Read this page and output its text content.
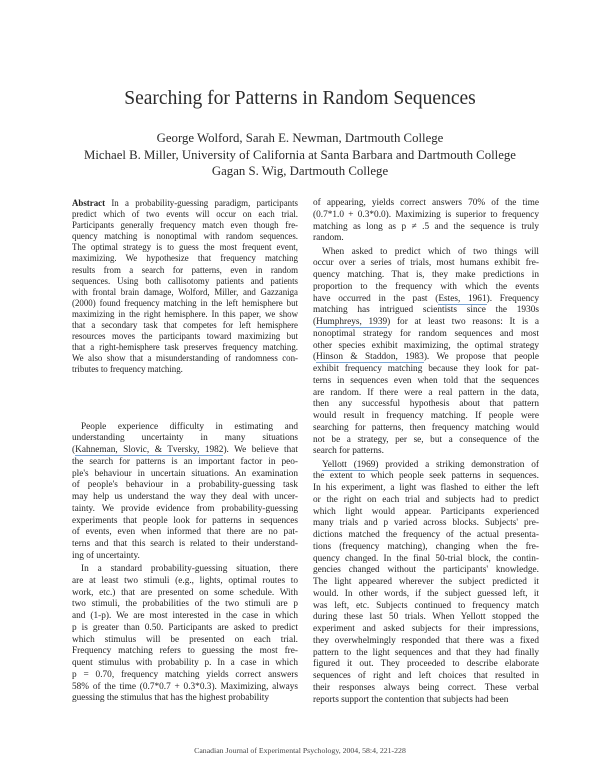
Searching for Patterns in Random Sequences
George Wolford, Sarah E. Newman, Dartmouth College
Michael B. Miller, University of California at Santa Barbara and Dartmouth College
Gagan S. Wig, Dartmouth College
Abstract In a probability-guessing paradigm, participants
predict which of two events will occur on each trial.
Participants generally frequency match even though fre-
quency matching is nonoptimal with random sequences.
The optimal strategy is to guess the most frequent event,
maximizing. We hypothesize that frequency matching
results from a search for patterns, even in random
sequences. Using both callisotomy patients and patients
with frontal brain damage, Wolford, Miller, and Gazzaniga
(2000) found frequency matching in the left hemisphere but
maximizing in the right hemisphere. In this paper, we show
that a secondary task that competes for left hemisphere
resources moves the participants toward maximizing but
that a right-hemisphere task preserves frequency matching.
We also show that a misunderstanding of randomness con-
tributes to frequency matching.
People experience difficulty in estimating and
understanding uncertainty in many situations
(Kahneman, Slovic, & Tversky, 1982). We believe that
the search for patterns is an important factor in peo-
ple's behaviour in uncertain situations. An examination
of people's behaviour in a probability-guessing task
may help us understand the way they deal with uncer-
tainty. We provide evidence from probability-guessing
experiments that people look for patterns in sequences
of events, even when informed that there are no pat-
terns and that this search is related to their understand-
ing of uncertainty.
In a standard probability-guessing situation, there
are at least two stimuli (e.g., lights, optimal routes to
work, etc.) that are presented on some schedule. With
two stimuli, the probabilities of the two stimuli are p
and (1-p). We are most interested in the case in which
p is greater than 0.50. Participants are asked to predict
which stimulus will be presented on each trial.
Frequency matching refers to guessing the most fre-
quent stimulus with probability p. In a case in which
p = 0.70, frequency matching yields correct answers
58% of the time (0.7*0.7 + 0.3*0.3). Maximizing, always
guessing the stimulus that has the highest probability
of appearing, yields correct answers 70% of the time
(0.7*1.0 + 0.3*0.0). Maximizing is superior to frequency
matching as long as p ≠ .5 and the sequence is truly
random.
When asked to predict which of two things will
occur over a series of trials, most humans exhibit fre-
quency matching. That is, they make predictions in
proportion to the frequency with which the events
have occurred in the past (Estes, 1961). Frequency
matching has intrigued scientists since the 1930s
(Humphreys, 1939) for at least two reasons: It is a
nonoptimal strategy for random sequences and most
other species exhibit maximizing, the optimal strategy
(Hinson & Staddon, 1983). We propose that people
exhibit frequency matching because they look for pat-
terns in sequences even when told that the sequences
are random. If there were a real pattern in the data,
then any successful hypothesis about that pattern
would result in frequency matching. If people were
searching for patterns, then frequency matching would
not be a strategy, per se, but a consequence of the
search for patterns.
Yellott (1969) provided a striking demonstration of
the extent to which people seek patterns in sequences.
In his experiment, a light was flashed to either the left
or the right on each trial and subjects had to predict
which light would appear. Participants experienced
many trials and p varied across blocks. Subjects' pre-
dictions matched the frequency of the actual presenta-
tions (frequency matching), changing when the fre-
quency changed. In the final 50-trial block, the contin-
gencies changed without the participants' knowledge.
The light appeared wherever the subject predicted it
would. In other words, if the subject guessed left, it
was left, etc. Subjects continued to frequency match
during these last 50 trials. When Yellott stopped the
experiment and asked subjects for their impressions,
they overwhelmingly responded that there was a fixed
pattern to the light sequences and that they had finally
figured it out. They proceeded to describe elaborate
sequences of right and left choices that resulted in
their responses always being correct. These verbal
reports support the contention that subjects had been
Canadian Journal of Experimental Psychology, 2004, 58:4, 221-228
